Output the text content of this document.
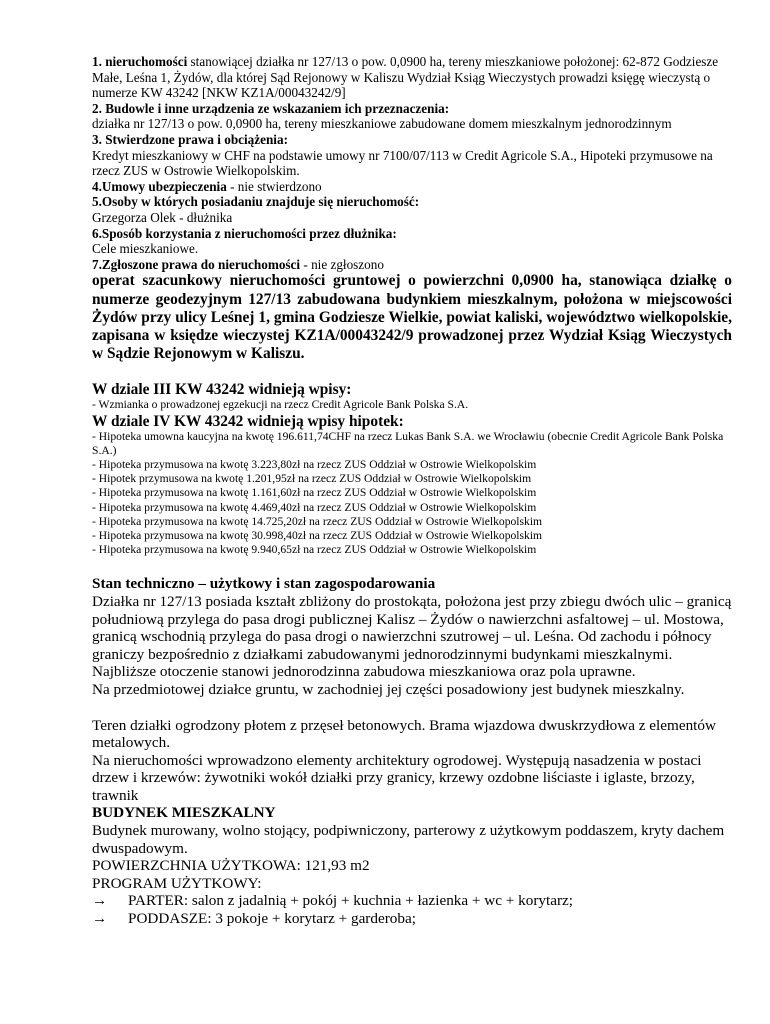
1. nieruchomości stanowiącej działka nr 127/13 o pow. 0,0900 ha, tereny mieszkaniowe położonej: 62-872 Godziesze Małe, Leśna 1, Żydów, dla której Sąd Rejonowy w Kaliszu Wydział Ksiąg Wieczystych prowadzi księgę wieczystą o numerze KW 43242 [NKW KZ1A/00043242/9]
2. Budowle i inne urządzenia ze wskazaniem ich przeznaczenia:
działka nr 127/13 o pow. 0,0900 ha, tereny mieszkaniowe zabudowane domem mieszkalnym jednorodzinnym
3. Stwierdzone prawa i obciążenia:
Kredyt mieszkaniowy w CHF na podstawie umowy nr 7100/07/113 w Credit Agricole S.A., Hipoteki przymusowe na rzecz ZUS w Ostrowie Wielkopolskim.
4.Umowy ubezpieczenia - nie stwierdzono
5.Osoby w których posiadaniu znajduje się nieruchomość:
Grzegorza Olek - dłużnika
6.Sposób korzystania z nieruchomości przez dłużnika:
Cele mieszkaniowe.
7.Zgłoszone prawa do nieruchomości - nie zgłoszono
operat szacunkowy nieruchomości gruntowej o powierzchni 0,0900 ha, stanowiąca działkę o numerze geodezyjnym 127/13 zabudowana budynkiem mieszkalnym, położona w miejscowości Żydów przy ulicy Leśnej 1, gmina Godziesze Wielkie, powiat kaliski, województwo wielkopolskie, zapisana w księdze wieczystej KZ1A/00043242/9 prowadzonej przez Wydział Ksiąg Wieczystych w Sądzie Rejonowym w Kaliszu.
W dziale III KW 43242 widnieją wpisy:
- Wzmianka o prowadzonej egzekucji na rzecz Credit Agricole Bank Polska S.A.
W dziale IV KW 43242 widnieją wpisy hipotek:
- Hipoteka umowna kaucyjna na kwotę 196.611,74CHF na rzecz Lukas Bank S.A. we Wrocławiu (obecnie Credit Agricole Bank Polska S.A.)
- Hipoteka przymusowa na kwotę 3.223,80zł na rzecz ZUS Oddział w Ostrowie Wielkopolskim
- Hipotek przymusowa na kwotę 1.201,95zł na rzecz ZUS Oddział w Ostrowie Wielkopolskim
- Hipoteka przymusowa na kwotę 1.161,60zł na rzecz ZUS Oddział w Ostrowie Wielkopolskim
- Hipoteka przymusowa na kwotę 4.469,40zł na rzecz ZUS Oddział w Ostrowie Wielkopolskim
- Hipoteka przymusowa na kwotę 14.725,20zł na rzecz ZUS Oddział w Ostrowie Wielkopolskim
- Hipoteka przymusowa na kwotę 30.998,40zł na rzecz ZUS Oddział w Ostrowie Wielkopolskim
- Hipoteka przymusowa na kwotę 9.940,65zł na rzecz ZUS Oddział w Ostrowie Wielkopolskim
Stan techniczno – użytkowy i stan zagospodarowania
Działka nr 127/13 posiada kształt zbliżony do prostokąta, położona jest przy zbiegu dwóch ulic – granicą południową przylega do pasa drogi publicznej Kalisz – Żydów o nawierzchni asfaltowej – ul. Mostowa, granicą wschodnią przylega do pasa drogi o nawierzchni szutrowej – ul. Leśna. Od zachodu i północy graniczy bezpośrednio z działkami zabudowanymi jednorodzinnymi budynkami mieszkalnymi.
Najbliższe otoczenie stanowi jednorodzinna zabudowa mieszkaniowa oraz pola uprawne.
Na przedmiotowej działce gruntu, w zachodniej jej części posadowiony jest budynek mieszkalny.
Teren działki ogrodzony płotem z przęseł betonowych. Brama wjazdowa dwuskrzydłowa z elementów metalowych.
Na nieruchomości wprowadzono elementy architektury ogrodowej. Występują nasadzenia w postaci drzew i krzewów: żywotniki wokół działki przy granicy, krzewy ozdobne liściaste i iglaste, brzozy, trawnik
BUDYNEK MIESZKALNY
Budynek murowany, wolno stojący, podpiwniczony, parterowy z użytkowym poddaszem, kryty dachem dwuspadowym.
POWIERZCHNIA UŻYTKOWA: 121,93 m2
PROGRAM UŻYTKOWY:
→	PARTER: salon z jadalnią + pokój + kuchnia + łazienka + wc + korytarz;
→	PODDASZE: 3 pokoje + korytarz + garderoba;
